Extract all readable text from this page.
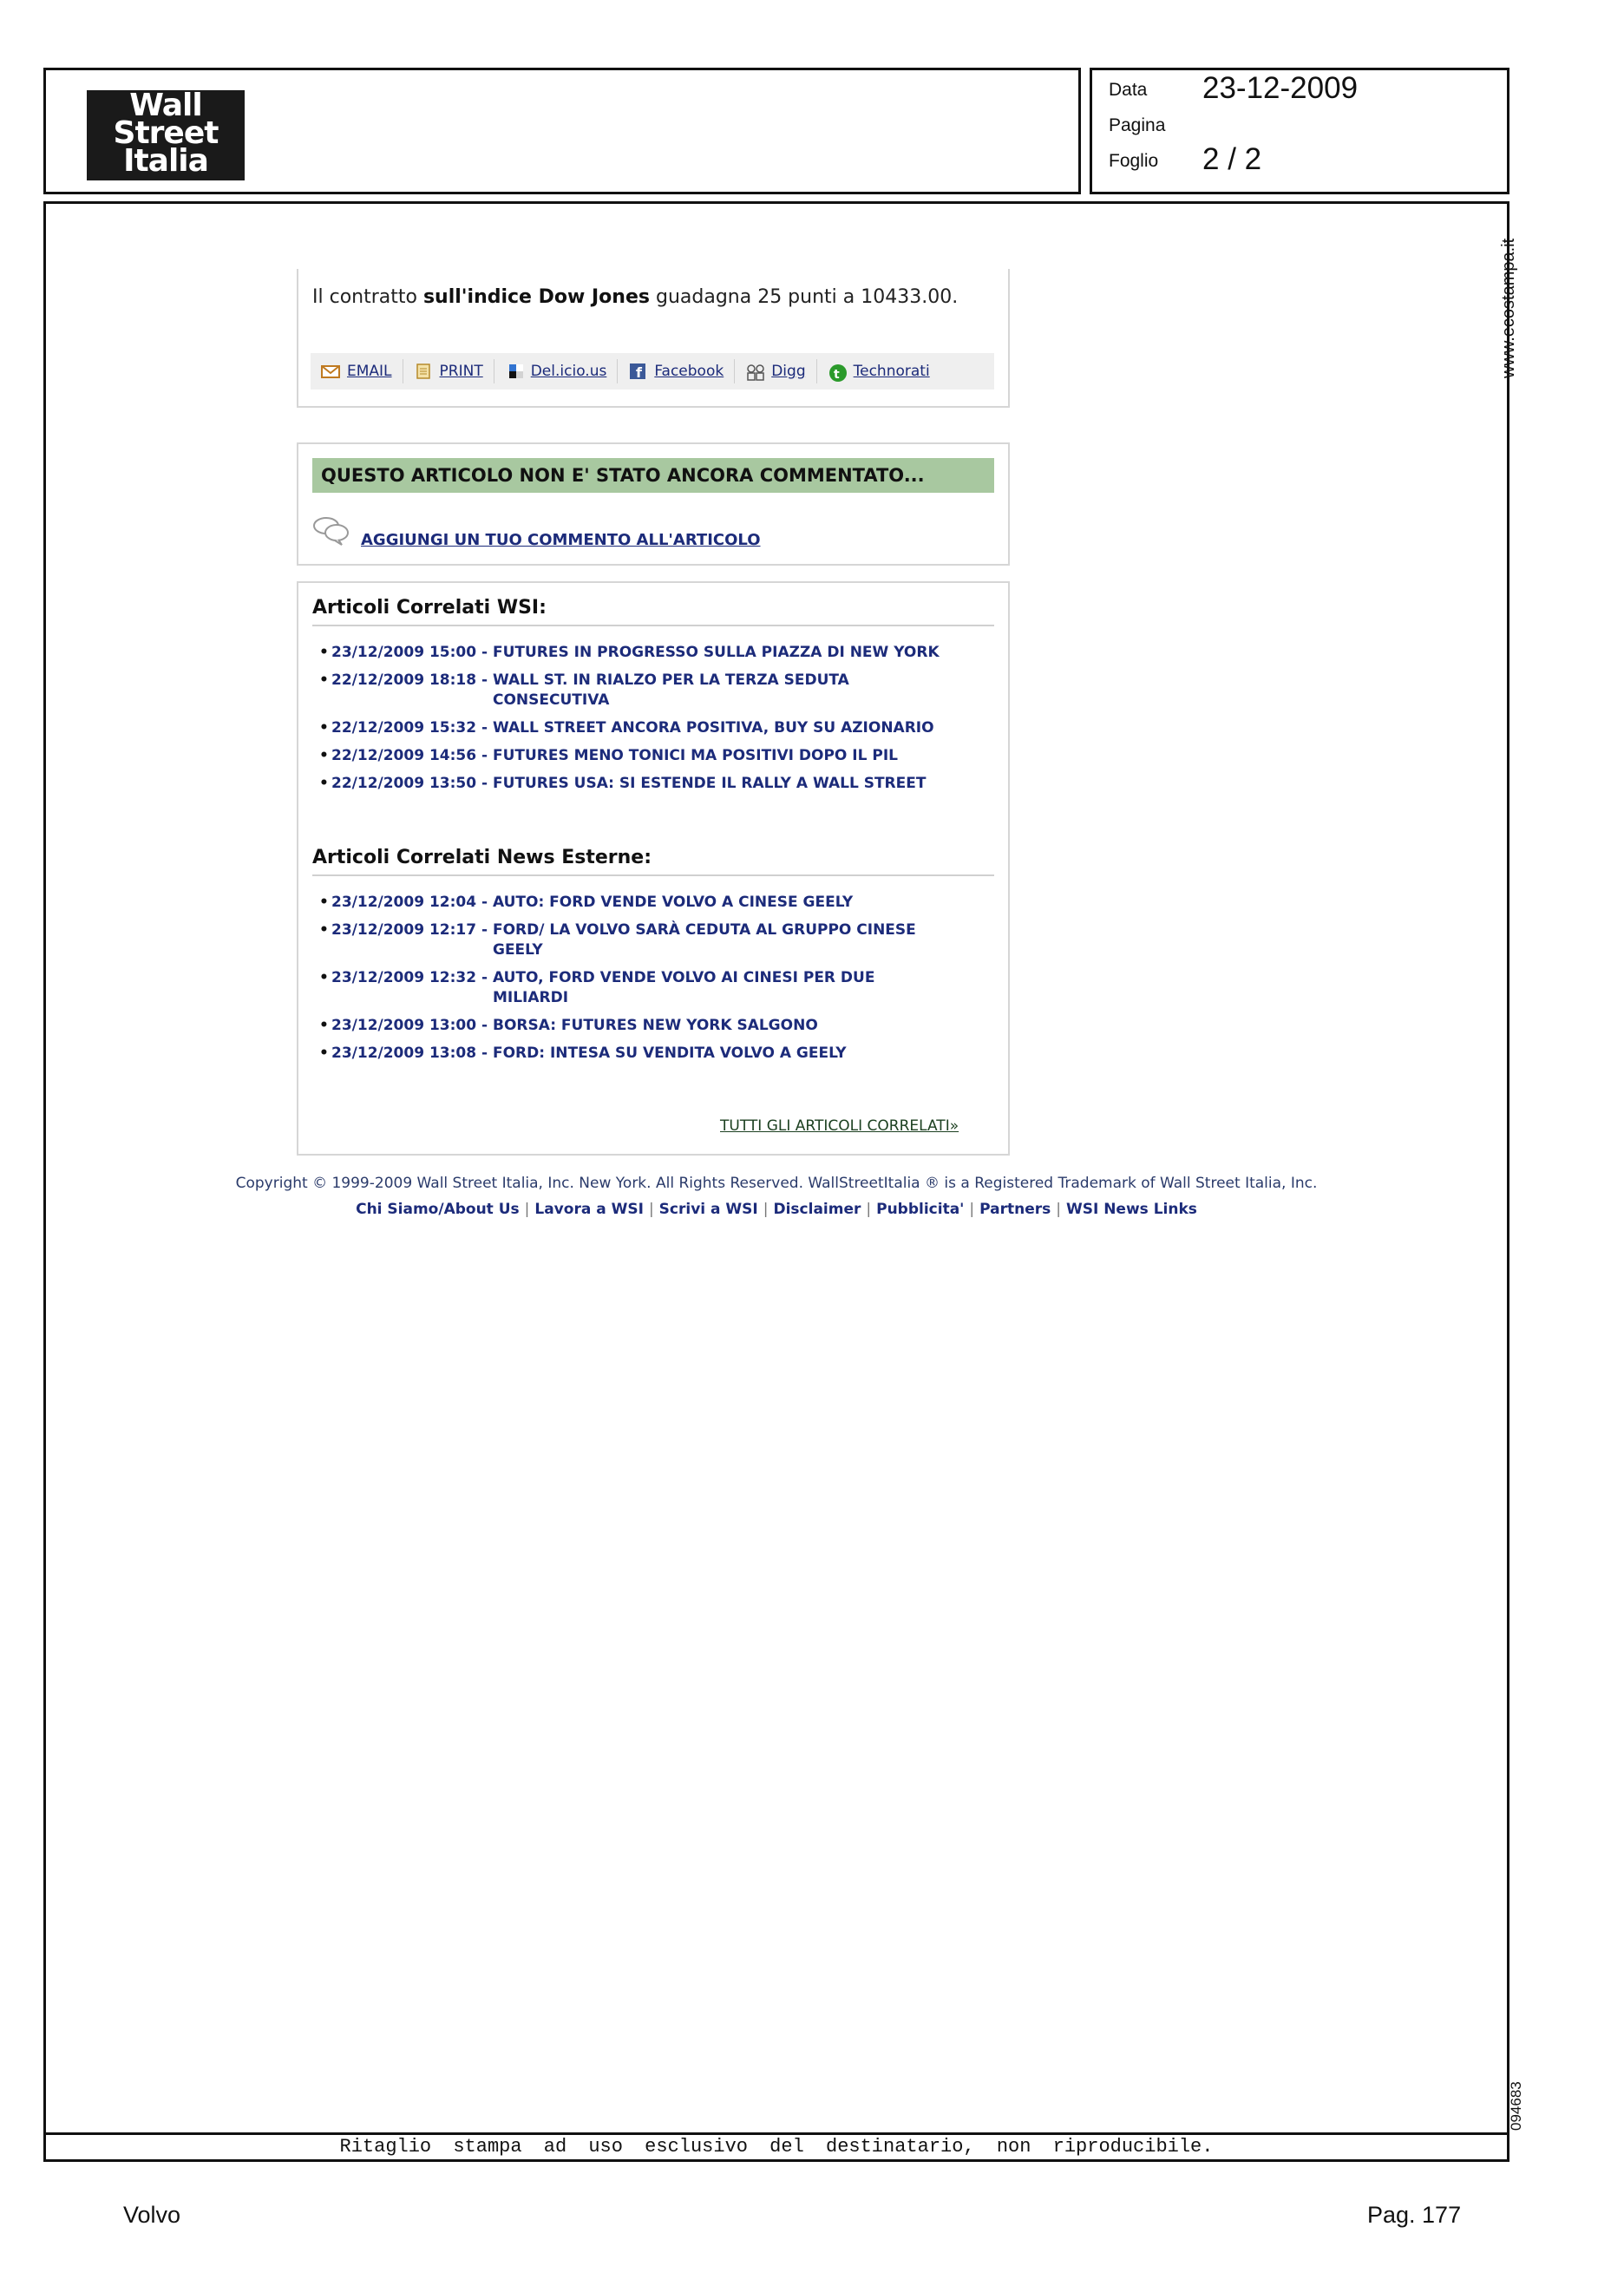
Wall
Street
Italia
Data 23-12-2009
Pagina
Foglio 2 / 2
www.ecostampa.it
094683
Il contratto sull'indice Dow Jones guadagna 25 punti a 10433.00.
EMAIL	PRINT	Del.icio.us f Facebook	Digg t Technorati
QUESTO ARTICOLO NON E' STATO ANCORA COMMENTATO...
AGGIUNGI UN TUO COMMENTO ALL'ARTICOLO
Articoli Correlati WSI:
• 23/12/2009 15:00 - FUTURES IN PROGRESSO SULLA PIAZZA DI NEW YORK
• 22/12/2009 18:18 - WALL ST. IN RIALZO PER LA TERZA SEDUTA CONSECUTIVA
• 22/12/2009 15:32 - WALL STREET ANCORA POSITIVA, BUY SU AZIONARIO
• 22/12/2009 14:56 - FUTURES MENO TONICI MA POSITIVI DOPO IL PIL
• 22/12/2009 13:50 - FUTURES USA: SI ESTENDE IL RALLY A WALL STREET
Articoli Correlati News Esterne:
• 23/12/2009 12:04 - AUTO: FORD VENDE VOLVO A CINESE GEELY
• 23/12/2009 12:17 - FORD/ LA VOLVO SARÀ CEDUTA AL GRUPPO CINESE GEELY
• 23/12/2009 12:32 - AUTO, FORD VENDE VOLVO AI CINESI PER DUE MILIARDI
• 23/12/2009 13:00 - BORSA: FUTURES NEW YORK SALGONO
• 23/12/2009 13:08 - FORD: INTESA SU VENDITA VOLVO A GEELY
TUTTI GLI ARTICOLI CORRELATI»
Copyright © 1999-2009 Wall Street Italia, Inc. New York. All Rights Reserved. WallStreetItalia ® is a Registered Trademark of Wall Street Italia, Inc.
Chi Siamo/About Us | Lavora a WSI | Scrivi a WSI | Disclaimer | Pubblicita' | Partners | WSI News Links
Ritaglio stampa ad uso esclusivo del destinatario, non riproducibile.
Volvo	Pag. 177
